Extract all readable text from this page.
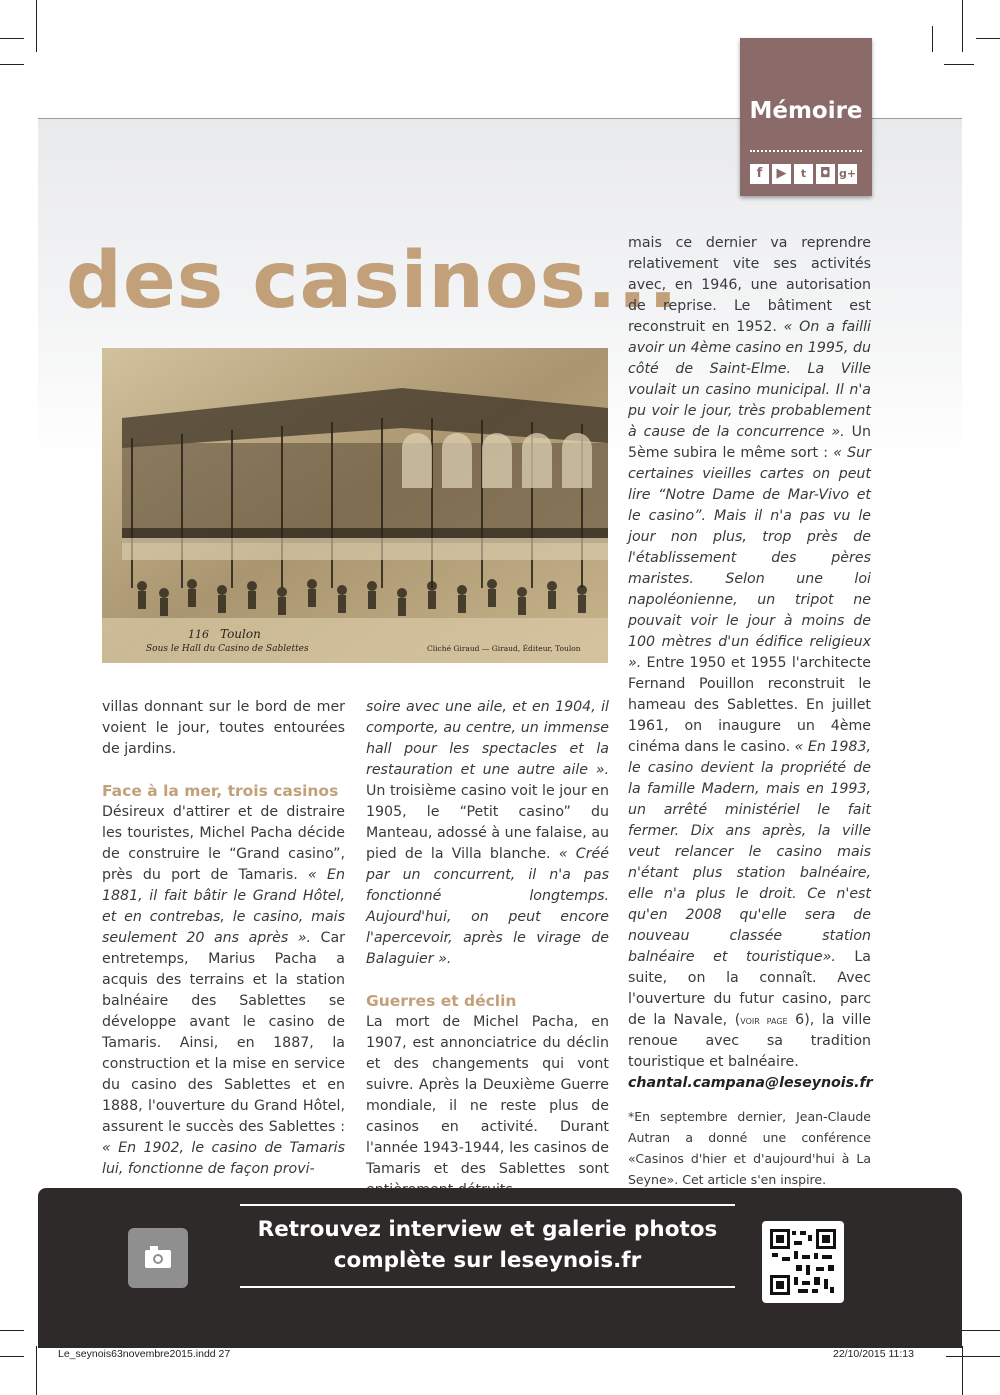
Mémoire
f	▶	t	◘ g+
des casinos...
116 Toulon
Sous le Hall du Casino de Sablettes	Cliché Giraud — Giraud, Éditeur, Toulon

villas donnant sur le bord de mer voient le jour, toutes entourées de jardins.

Face à la mer, trois casinos

Désireux d'attirer et de distraire les touristes, Michel Pacha décide de construire le “Grand casino”, près du port de Tamaris. « En 1881, il fait bâtir le Grand Hôtel, et en contrebas, le casino, mais seulement 20 ans après ». Car entretemps, Marius Pacha a acquis des terrains et la station balnéaire des Sablettes se développe avant le casino de Tamaris. Ainsi, en 1887, la construction et la mise en service du casino des Sablettes et en 1888, l'ouverture du Grand Hôtel, assurent le succès des Sablettes : « En 1902, le casino de Tamaris lui, fonctionne de façon provi-

soire avec une aile, et en 1904, il comporte, au centre, un immense hall pour les spectacles et la restauration et une autre aile ». Un troisième casino voit le jour en 1905, le “Petit casino” du Manteau, adossé à une falaise, au pied de la Villa blanche. « Créé par un concurrent, il n'a pas fonctionné longtemps. Aujourd'hui, on peut encore l'apercevoir, après le virage de Balaguier ».

Guerres et déclin

La mort de Michel Pacha, en 1907, est annonciatrice du déclin et des changements qui vont suivre. Après la Deuxième Guerre mondiale, il ne reste plus de casinos en activité. Durant l'année 1943-1944, les casinos de Tamaris et des Sablettes sont

mais ce dernier va reprendre relativement vite ses activités avec, en 1946, une autorisation de reprise. Le bâtiment est reconstruit en 1952. « On a failli avoir un 4ème casino en 1995, du côté de Saint-Elme. La Ville voulait un casino municipal. Il n'a pu voir le jour, très probablement à cause de la concurrence ». Un 5ème subira le même sort : « Sur certaines vieilles cartes on peut lire “Notre Dame de Mar-Vivo et le casino”. Mais il n'a pas vu le jour non plus, trop près de l'établissement des pères maristes. Selon une loi napoléonienne, un tripot ne pouvait voir le jour à moins de 100 mètres d'un édifice religieux ». Entre 1950 et 1955 l'architecte Fernand Pouillon reconstruit le hameau des Sablettes. En juillet 1961, on inaugure un 4ème cinéma dans le casino. « En 1983, le casino devient la propriété de la famille Madern, mais en 1993, un arrêté ministériel le fait fermer. Dix ans après, la ville veut relancer le casino mais n'étant plus station balnéaire, elle n'a plus le droit. Ce n'est qu'en 2008 qu'elle sera de nouveau classée station balnéaire et touristique». La suite, on la connaît. Avec l'ouverture du futur casino, parc de la Navale, (voir page 6), la ville renoue avec sa tradition touristique et balnéaire.

chantal.campana@leseynois.fr

*En septembre dernier, Jean-Claude Autran a donné une conférence «Casinos d'hier et d'aujourd'hui à La Seyne». Cet article s'en inspire.

Retrouvez interview et galerie photos
complète sur leseynois.fr
Le_seynois63novembre2015.indd 27	22/10/2015 11:13
